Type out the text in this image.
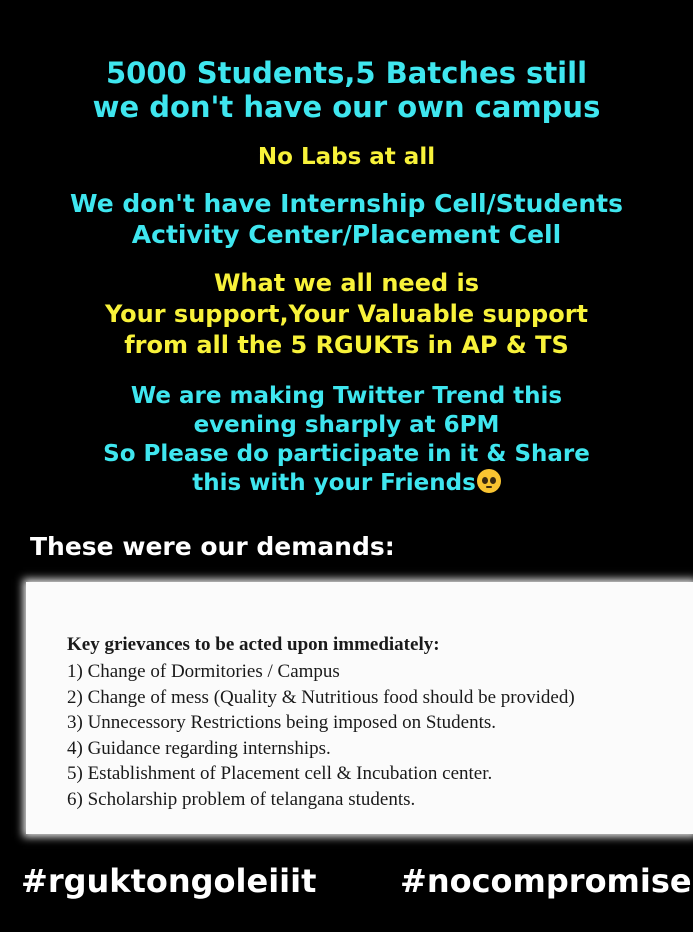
5000 Students,5 Batches still
we don't have our own campus

No Labs at all

We don't have Internship Cell/Students
Activity Center/Placement Cell

What we all need is
Your support,Your Valuable support
from all the 5 RGUKTs in AP & TS

We are making Twitter Trend this
evening sharply at 6PM
So Please do participate in it & Share
this with your Friends

These were our demands:
Key grievances to be acted upon immediately:
1) Change of Dormitories / Campus
2) Change of mess (Quality & Nutritious food should be provided)
3) Unnecessory Restrictions being imposed on Students.
4) Guidance regarding internships.
5) Establishment of Placement cell & Incubation center.
6) Scholarship problem of telangana students.

#rguktongoleiiit	#nocompromise
